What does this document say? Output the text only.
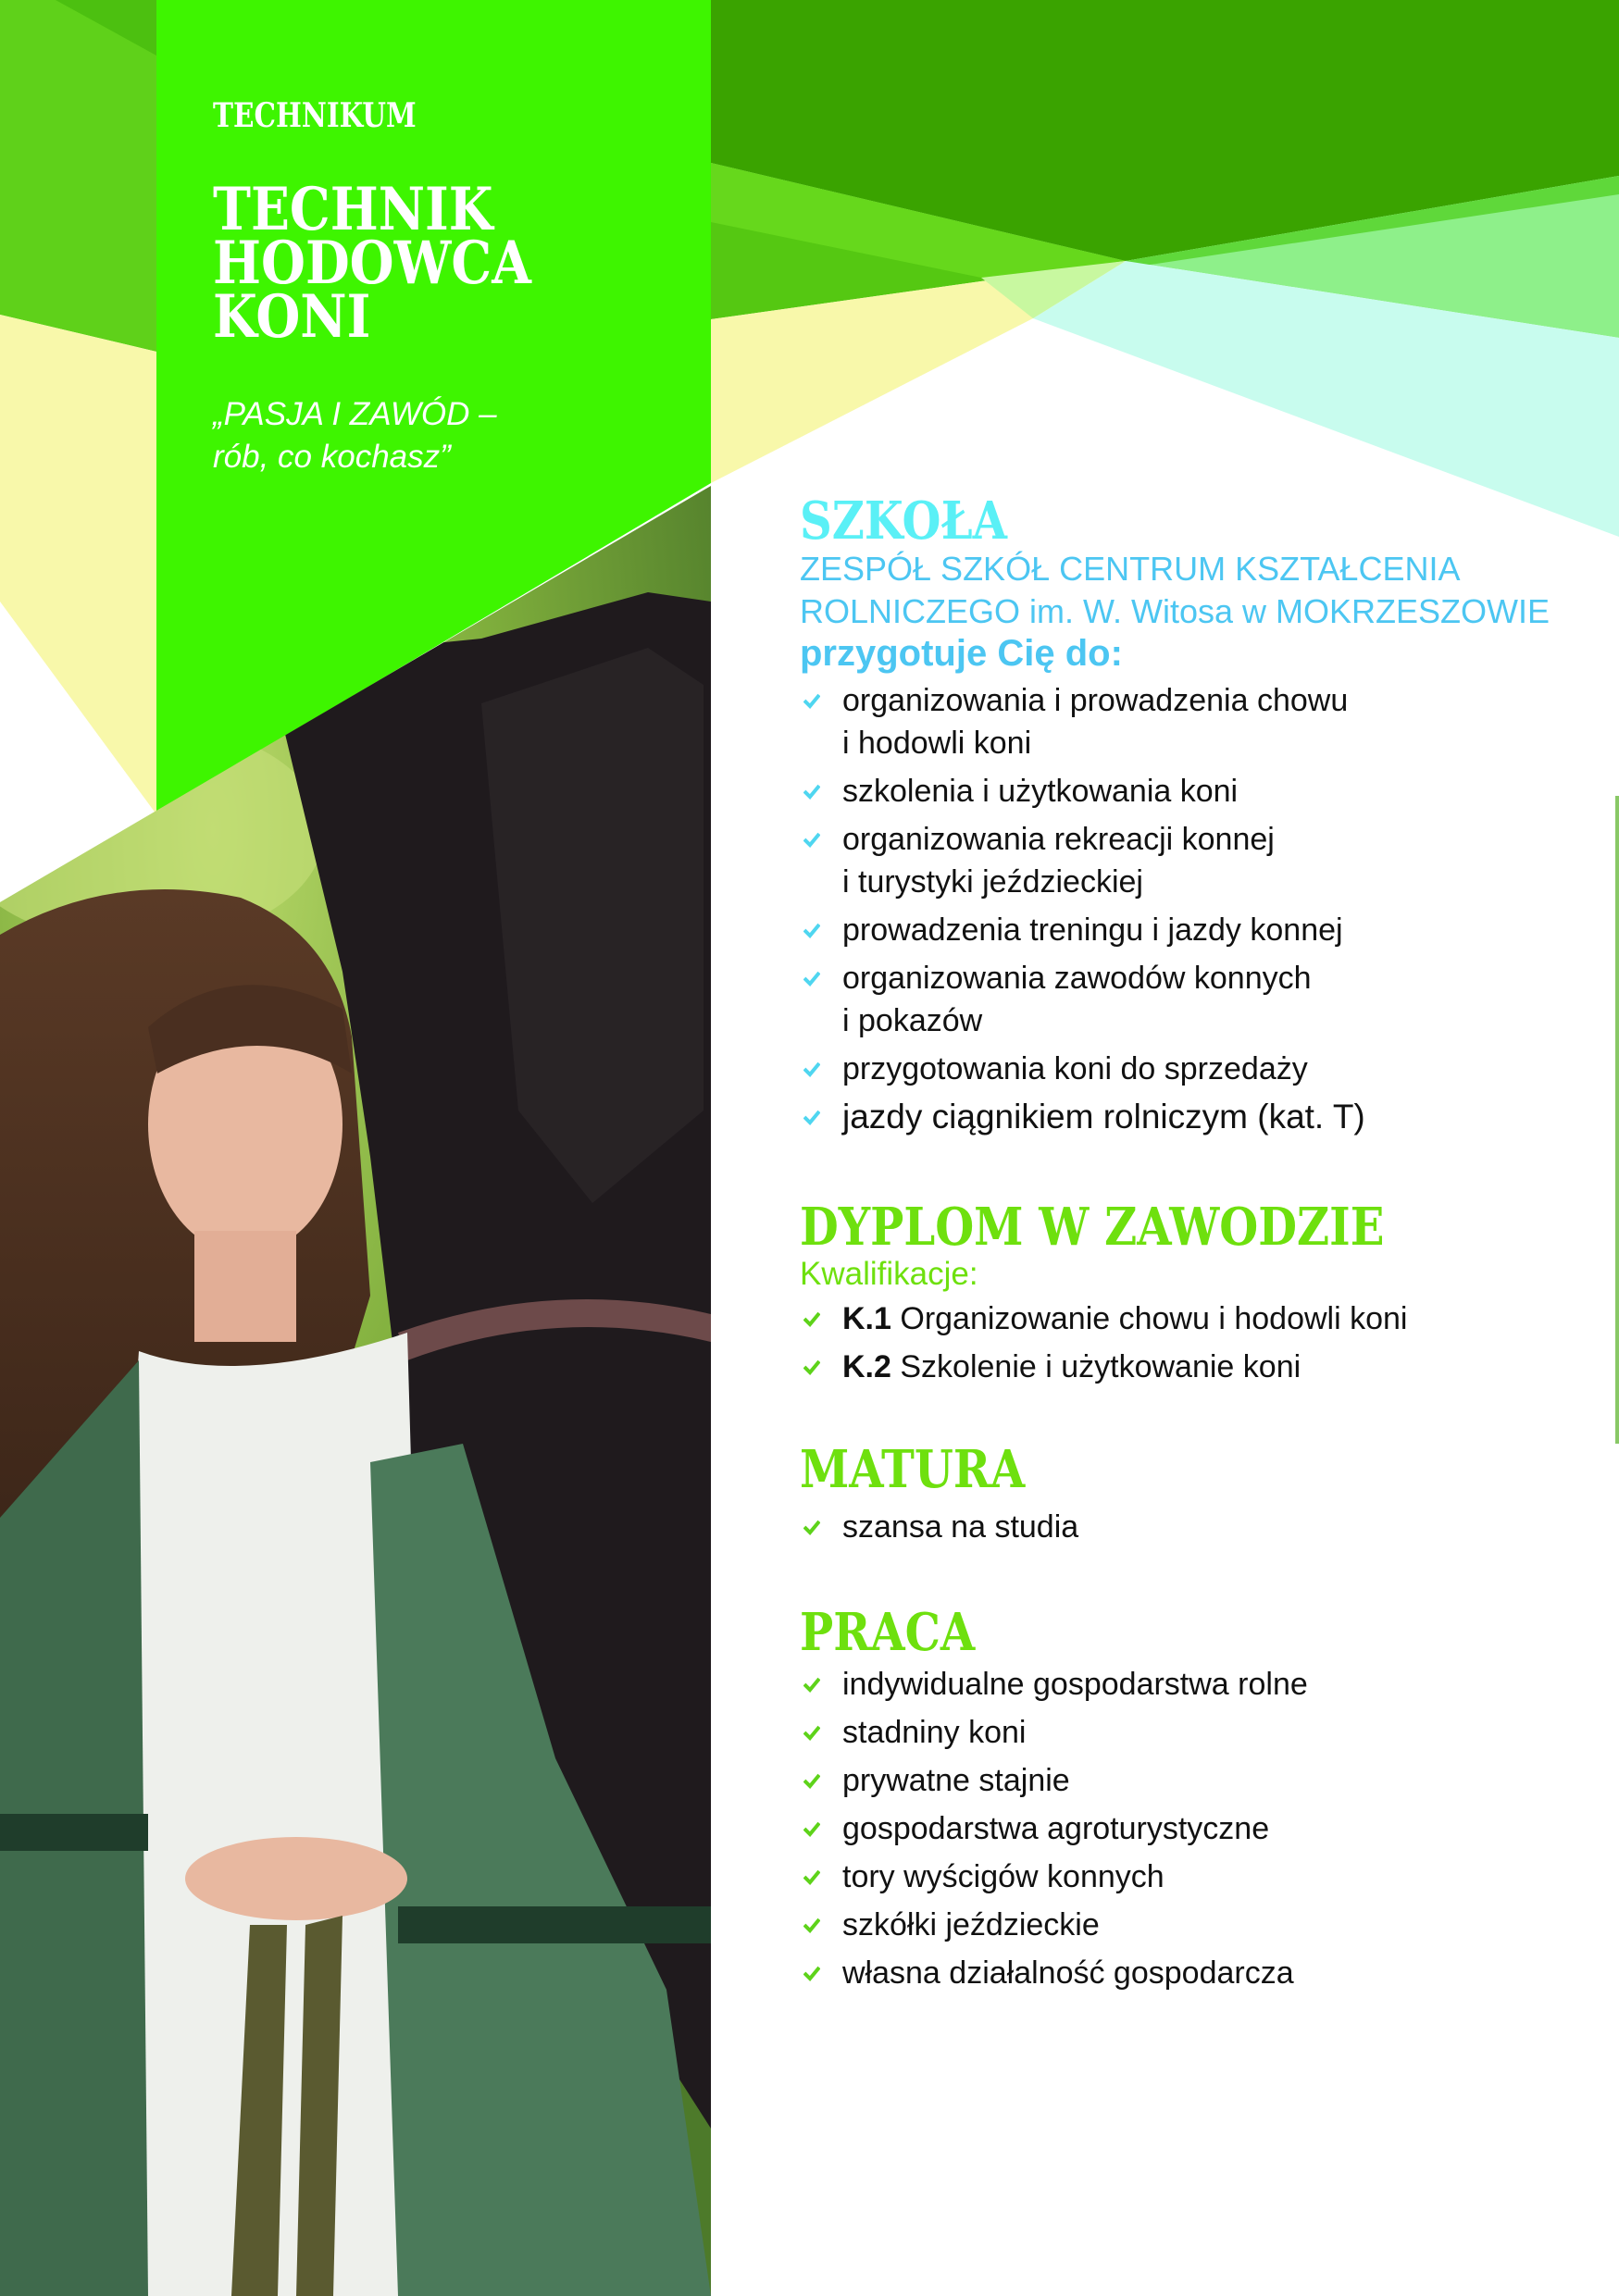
TECHNIKUM
TECHNIK
HODOWCA
KONI
„PASJA I ZAWÓD –
rób, co kochasz”
SZKOŁA
ZESPÓŁ SZKÓŁ CENTRUM KSZTAŁCENIA
ROLNICZEGO im. W. Witosa w MOKRZESZOWIE
przygotuje Cię do:
organizowania i prowadzenia chowu
i hodowli koni
szkolenia i użytkowania koni
organizowania rekreacji konnej
i turystyki jeździeckiej
prowadzenia treningu i jazdy konnej
organizowania zawodów konnych
i pokazów
przygotowania koni do sprzedaży
jazdy ciągnikiem rolniczym (kat. T)
DYPLOM W ZAWODZIE
Kwalifikacje:
K.1 Organizowanie chowu i hodowli koni
K.2 Szkolenie i użytkowanie koni
MATURA
szansa na studia
PRACA
indywidualne gospodarstwa rolne
stadniny koni
prywatne stajnie
gospodarstwa agroturystyczne
tory wyścigów konnych
szkółki jeździeckie
własna działalność gospodarcza
